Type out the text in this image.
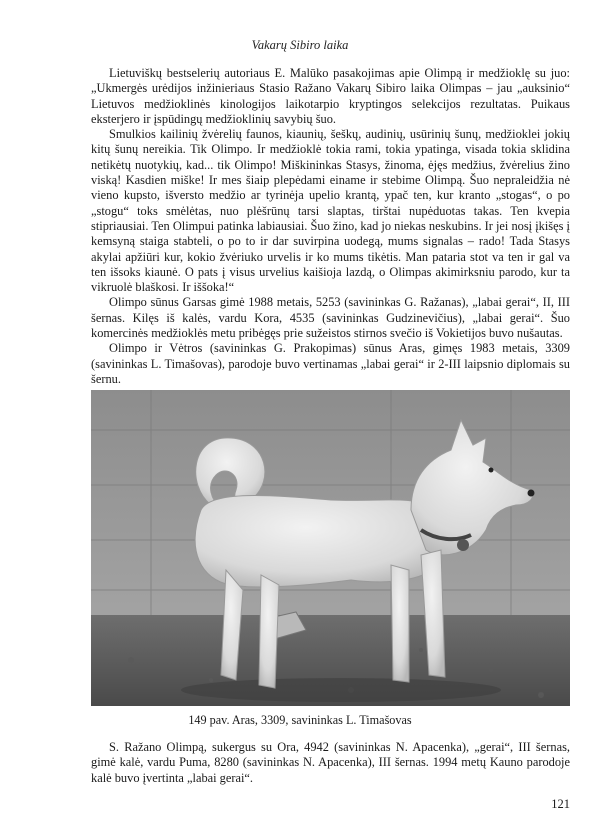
Vakarų Sibiro laika

Lietuviškų bestselerių autoriaus E. Malūko pasakojimas apie Olimpą ir medžioklę su juo: „Ukmergės urėdijos inžinieriaus Stasio Ražano Vakarų Sibiro laika Olimpas – jau „auksinio“ Lietuvos medžioklinės kinologijos laikotarpio kryptingos selekcijos rezultatas. Puikaus eksterjero ir įspūdingų medžioklinių savybių šuo.

Smulkios kailinių žvėrelių faunos, kiaunių, šeškų, audinių, usūrinių šunų, medžioklei jokių kitų šunų nereikia. Tik Olimpo. Ir medžioklė tokia rami, tokia ypatinga, visada tokia sklidina netikėtų nuotykių, kad... tik Olimpo! Miškininkas Stasys, žinoma, ėjęs medžius, žvėrelius žino viską! Kasdien miške! Ir mes šiaip plepėdami einame ir stebime Olimpą. Šuo nepraleidžia nė vieno kupsto, išversto medžio ar tyrinėja upelio krantą, ypač ten, kur kranto „stogas“, o po „stogu“ toks smėlėtas, nuo plėšrūnų tarsi slaptas, tirštai nupėduotas takas. Ten kvepia stipriausiai. Ten Olimpui patinka labiausiai. Šuo žino, kad jo niekas neskubins. Ir jei nosį įkišęs į kemsyną staiga stabteli, o po to ir dar suvirpina uodegą, mums signalas – rado! Tada Stasys akylai apžiūri kur, kokio žvėriuko urvelis ir ko mums tikėtis. Man pataria stot va ten ir gal va ten išsoks kiaunė. O pats į visus urvelius kaišioja lazdą, o Olimpas akimirksniu parodo, kur ta vikruolė blaškosi. Ir iššoka!“

Olimpo sūnus Garsas gimė 1988 metais, 5253 (savininkas G. Ražanas), „labai gerai“, II, III šernas. Kilęs iš kalės, vardu Kora, 4535 (savininkas Gudzinevičius), „labai gerai“. Šuo komercinės medžioklės metu pribėgęs prie sužeistos stirnos svečio iš Vokietijos buvo nušautas.

Olimpo ir Vėtros (savininkas G. Prakopimas) sūnus Aras, gimęs 1983 metais, 3309 (savininkas L. Timašovas), parodoje buvo vertinamas „labai gerai“ ir 2-III laipsnio diplomais su šernu.

149 pav. Aras, 3309, savininkas L. Timašovas

S. Ražano Olimpą, sukergus su Ora, 4942 (savininkas N. Apacenka), „gerai“, III šernas, gimė kalė, vardu Puma, 8280 (savininkas N. Apacenka), III šernas. 1994 metų Kauno parodoje kalė buvo įvertinta „labai gerai“.

121
